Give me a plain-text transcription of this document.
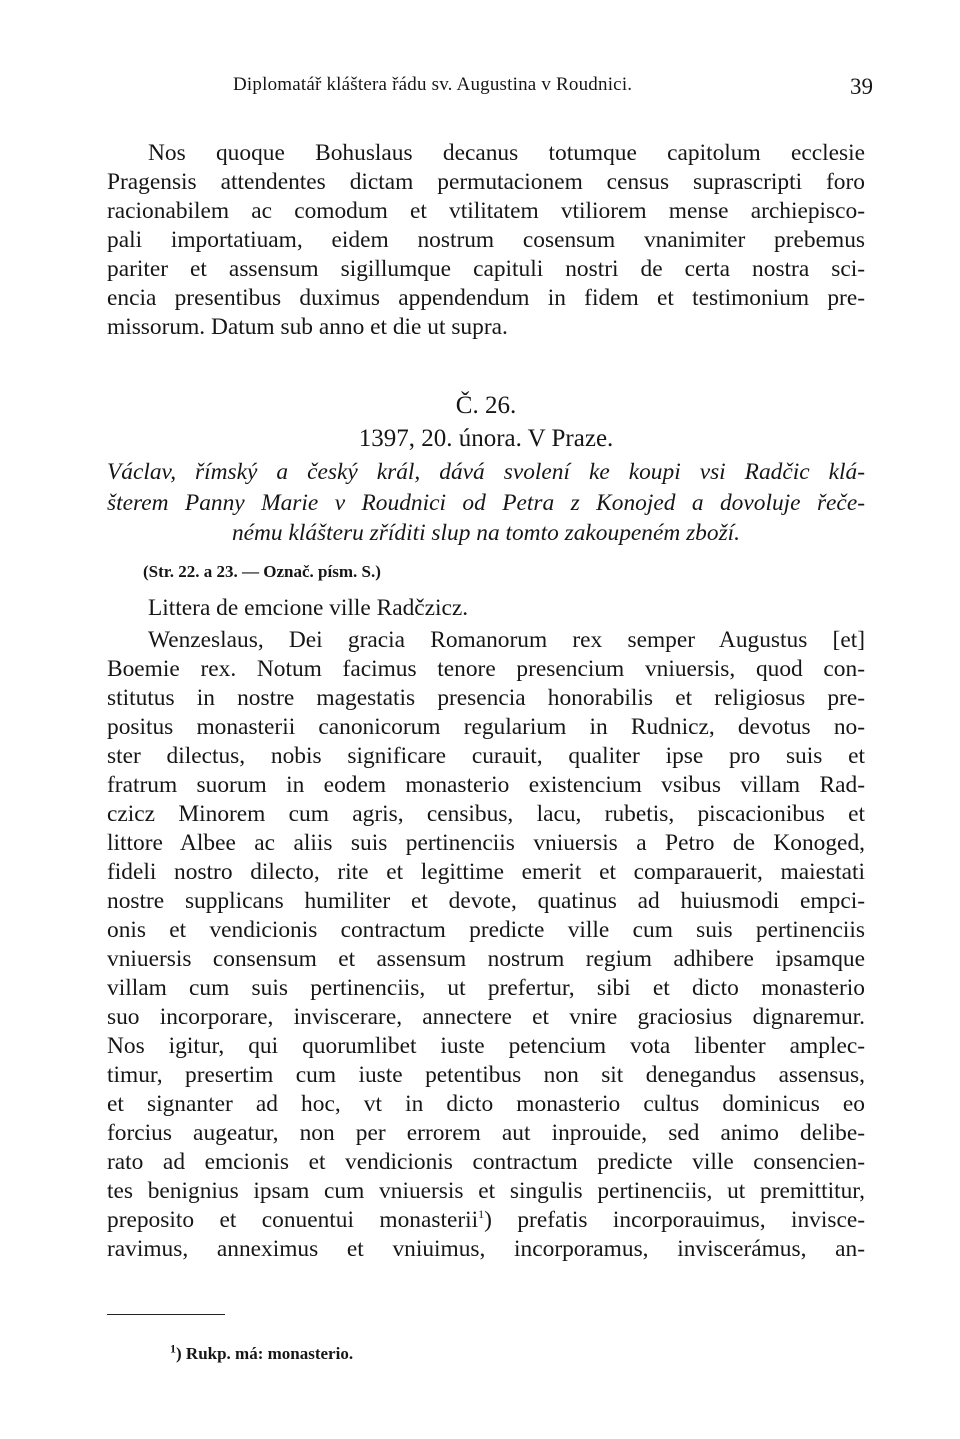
Diplomatář kláštera řádu sv. Augustina v Roudnici.	39
Nos quoque Bohuslaus decanus totumque capitolum ecclesie
Pragensis attendentes dictam permutacionem census suprascripti foro
racionabilem ac comodum et vtilitatem vtiliorem mense archiepisco-
pali importatiuam, eidem nostrum cosensum vnanimiter prebemus
pariter et assensum sigillumque capituli nostri de certa nostra sci-
encia presentibus duximus appendendum in fidem et testimonium pre-
missorum. Datum sub anno et die ut supra.
Č. 26.
1397, 20. února. V Praze.
Václav, římský a český král, dává svolení ke koupi vsi Radčic klá-
šterem Panny Marie v Roudnici od Petra z Konojed a dovoluje řeče-
nému klášteru zříditi slup na tomto zakoupeném zboží.
(Str. 22. a 23. — Označ. písm. S.)
Littera de emcione ville Radčzicz.
Wenzeslaus, Dei gracia Romanorum rex semper Augustus [et]
Boemie rex. Notum facimus tenore presencium vniuersis, quod con-
stitutus in nostre magestatis presencia honorabilis et religiosus pre-
positus monasterii canonicorum regularium in Rudnicz, devotus no-
ster dilectus, nobis significare curauit, qualiter ipse pro suis et
fratrum suorum in eodem monasterio existencium vsibus villam Rad-
czicz Minorem cum agris, censibus, lacu, rubetis, piscacionibus et
littore Albee ac aliis suis pertinenciis vniuersis a Petro de Konoged,
fideli nostro dilecto, rite et legittime emerit et comparauerit, maiestati
nostre supplicans humiliter et devote, quatinus ad huiusmodi empci-
onis et vendicionis contractum predicte ville cum suis pertinenciis
vniuersis consensum et assensum nostrum regium adhibere ipsamque
villam cum suis pertinenciis, ut prefertur, sibi et dicto monasterio
suo incorporare, inviscerare, annectere et vnire graciosius dignaremur.
Nos igitur, qui quorumlibet iuste petencium vota libenter amplec-
timur, presertim cum iuste petentibus non sit denegandus assensus,
et signanter ad hoc, vt in dicto monasterio cultus dominicus eo
forcius augeatur, non per errorem aut inprouide, sed animo delibe-
rato ad emcionis et vendicionis contractum predicte ville consencien-
tes benignius ipsam cum vniuersis et singulis pertinenciis, ut premittitur,
preposito et conuentui monasterii$^1$) prefatis incorporauimus, invisce-
ravimus, anneximus et vniuimus, incorporamus, inviscerámus, an-
$^1$) Rukp. má: monasterio.
